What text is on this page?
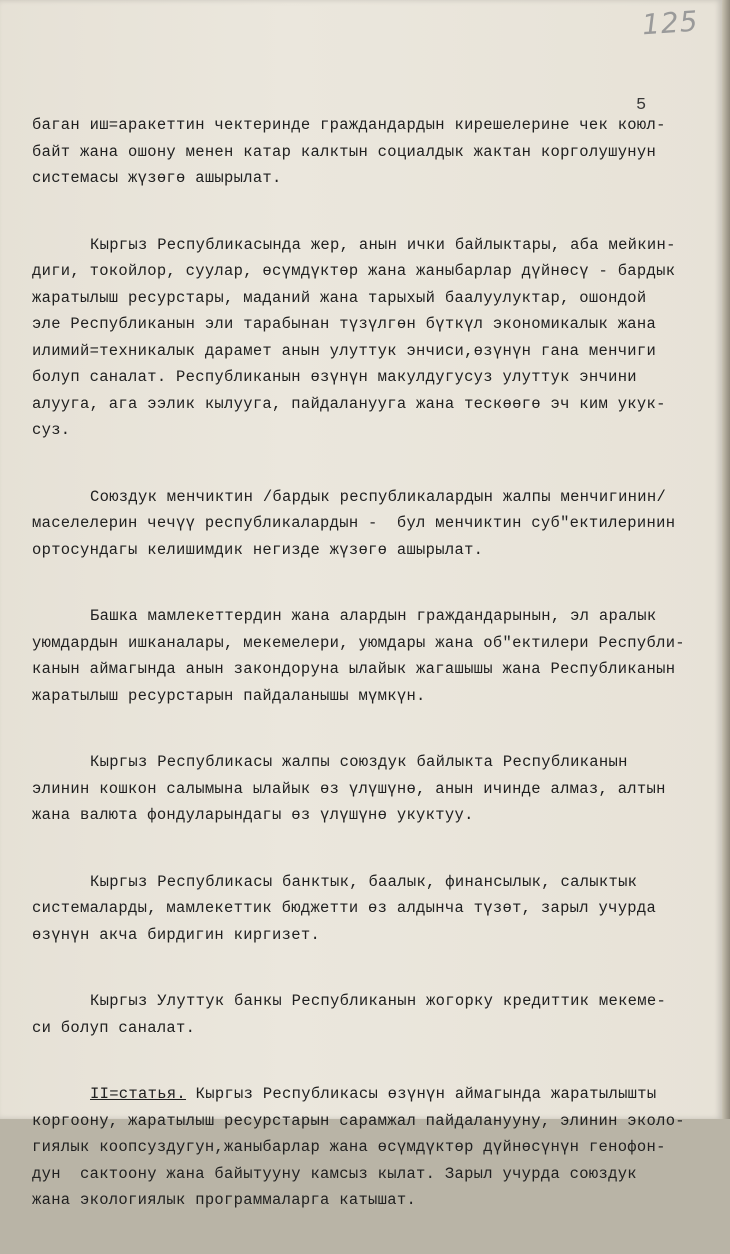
125
5
баган иш=аракеттин чектеринде граждандардын кирешелерине чек коюл-
байт жана ошону менен катар калктын социалдык жактан корголушунун
системасы жүзөгө ашырылат.
Кыргыз Республикасында жер, анын ички байлыктары, аба мейкин-
диги, токойлор, суулар, өсүмдүктөр жана жаныбарлар дүйнөсү - бардык
жаратылыш ресурстары, маданий жана тарыхый баалуулуктар, ошондой
эле Республиканын эли тарабынан түзүлгөн бүткүл экономикалык жана
илимий=техникалык дарамет анын улуттук энчиси,өзүнүн гана менчиги
болуп саналат. Республиканын өзүнүн макулдугусуз улуттук энчини
алууга, ага ээлик кылууга, пайдаланууга жана тескөөгө эч ким укук-
суз.
Союздук менчиктин /бардык республикалардын жалпы менчигинин/
маселелерин чечүү республикалардын -  бул менчиктин суб"ектилеринин
ортосундагы келишимдик негизде жүзөгө ашырылат.
Башка мамлекеттердин жана алардын граждандарынын, эл аралык
уюмдардын ишканалары, мекемелери, уюмдары жана об"ектилери Республи-
канын аймагында анын закондоруна ылайык жагашышы жана Республиканын
жаратылыш ресурстарын пайдаланышы мүмкүн.
Кыргыз Республикасы жалпы союздук байлыкта Республиканын
элинин кошкон салымына ылайык өз үлүшүнө, анын ичинде алмаз, алтын
жана валюта фондуларындагы өз үлүшүнө укуктуу.
Кыргыз Республикасы банктык, баалык, финансылык, салыктык
системаларды, мамлекеттик бюджетти өз алдынча түзөт, зарыл учурда
өзүнүн акча бирдигин киргизет.
Кыргыз Улуттук банкы Республиканын жогорку кредиттик мекеме-
си болуп саналат.
II=статья. Кыргыз Республикасы өзүнүн аймагында жаратылышты
коргоону, жаратылыш ресурстарын сарамжал пайдаланууну, элинин эколо-
гиялык коопсуздугун,жаныбарлар жана өсүмдүктөр дүйнөсүнүн генофон-
дун  сактоону жана байытууну камсыз кылат. Зарыл учурда союздук
жана экологиялык программаларга катышат.
